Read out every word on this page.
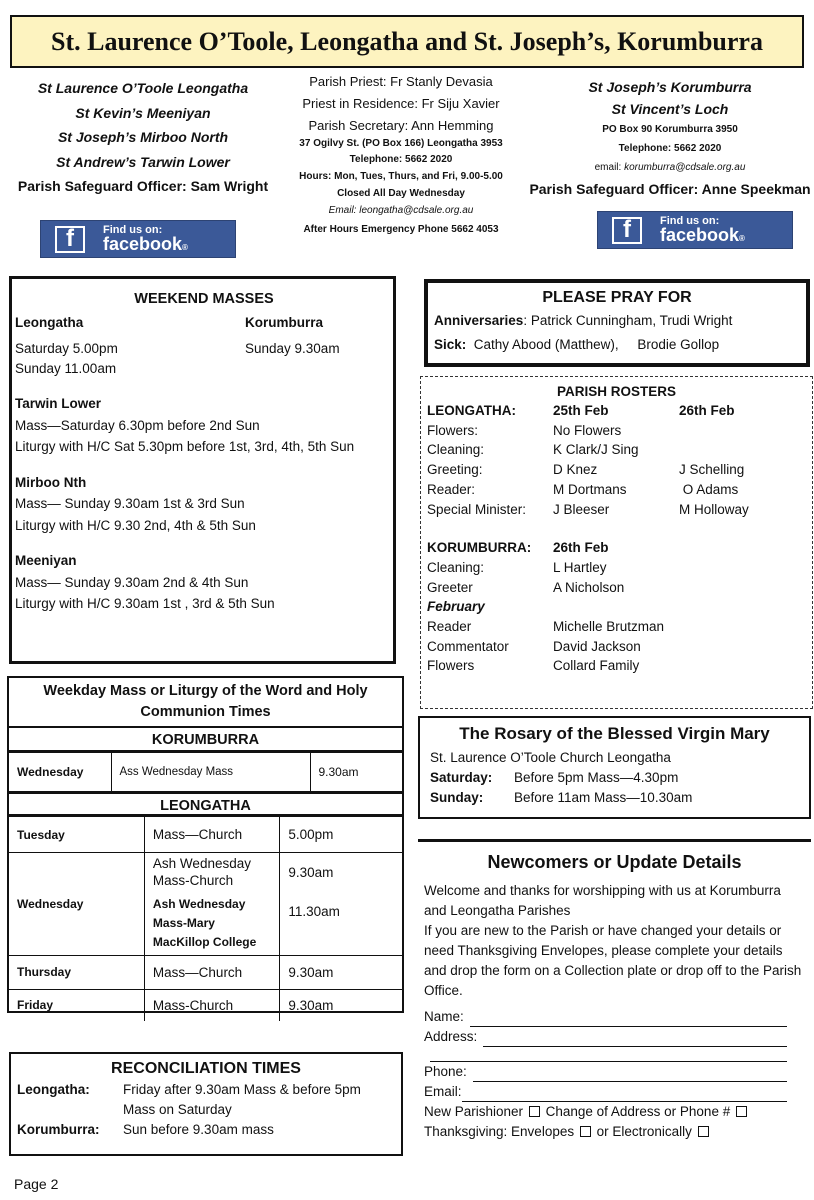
St. Laurence O’Toole, Leongatha and St. Joseph’s, Korumburra
St Laurence O’Toole Leongatha
St Kevin’s Meeniyan
St Joseph’s Mirboo North
St Andrew’s Tarwin Lower
Parish Safeguard Officer: Sam Wright
Parish Priest: Fr Stanly Devasia
Priest in Residence: Fr Siju Xavier
Parish Secretary: Ann Hemming
37 Ogilvy St. (PO Box 166) Leongatha 3953
Telephone: 5662 2020
Hours: Mon, Tues, Thurs, and Fri, 9.00-5.00
Closed All Day Wednesday
Email: leongatha@cdsale.org.au
After Hours Emergency Phone 5662 4053
St Joseph’s Korumburra
St Vincent’s Loch
PO Box 90 Korumburra 3950
Telephone: 5662 2020
email: korumburra@cdsale.org.au
Parish Safeguard Officer: Anne Speekman
f	Find us on:
facebook®
f	Find us on:
facebook®
WEEKEND MASSES
Leongatha	Korumburra
Saturday 5.00pm	Sunday 9.30am
Sunday 11.00am
Tarwin Lower
Mass—Saturday 6.30pm before 2nd Sun
Liturgy with H/C Sat 5.30pm before 1st, 3rd, 4th, 5th Sun
Mirboo Nth
Mass— Sunday 9.30am 1st & 3rd Sun
Liturgy with H/C 9.30 2nd, 4th & 5th Sun
Meeniyan
Mass— Sunday 9.30am 2nd & 4th Sun
Liturgy with H/C 9.30am 1st , 3rd & 5th Sun
Weekday Mass or Liturgy of the Word and Holy Communion Times
KORUMBURRA
Wednesday	Ass Wednesday Mass	9.30am
LEONGATHA
Tuesday	Mass—Church	5.00pm
Wednesday	Ash Wednesday Mass-Church	9.30am
	Ash Wednesday Mass-Mary MacKillop College	11.30am
Thursday	Mass—Church	9.30am
Friday	Mass-Church	9.30am
RECONCILIATION TIMES
Leongatha:	Friday after 9.30am Mass & before 5pm Mass on Saturday
Korumburra:	Sun before 9.30am mass
PLEASE PRAY FOR
Anniversaries: Patrick Cunningham, Trudi Wright
Sick:  Cathy Abood (Matthew),     Brodie Gollop
PARISH ROSTERS
LEONGATHA:	25th Feb	26th Feb
Flowers:	No Flowers
Cleaning:	K Clark/J Sing
Greeting:	D Knez	J Schelling
Reader:	M Dortmans	O Adams
Special Minister:	J Bleeser	M Holloway
KORUMBURRA:	26th Feb
Cleaning:	L Hartley
Greeter	A Nicholson
February
Reader	Michelle Brutzman
Commentator	David Jackson
Flowers	Collard Family
The Rosary of the Blessed Virgin Mary
St. Laurence O’Toole Church Leongatha
Saturday:	Before 5pm Mass—4.30pm
Sunday:	Before 11am Mass—10.30am
Newcomers or Update Details
Welcome and thanks for worshipping with us at Korumburra and Leongatha Parishes
If you are new to the Parish or have changed your details or need Thanksgiving Envelopes, please complete your details and drop the form on a Collection plate or drop off to the Parish Office.
Name:
Address:
Phone:
Email:
New Parishioner Change of Address or Phone #
Thanksgiving: Envelopes or Electronically
Page 2
